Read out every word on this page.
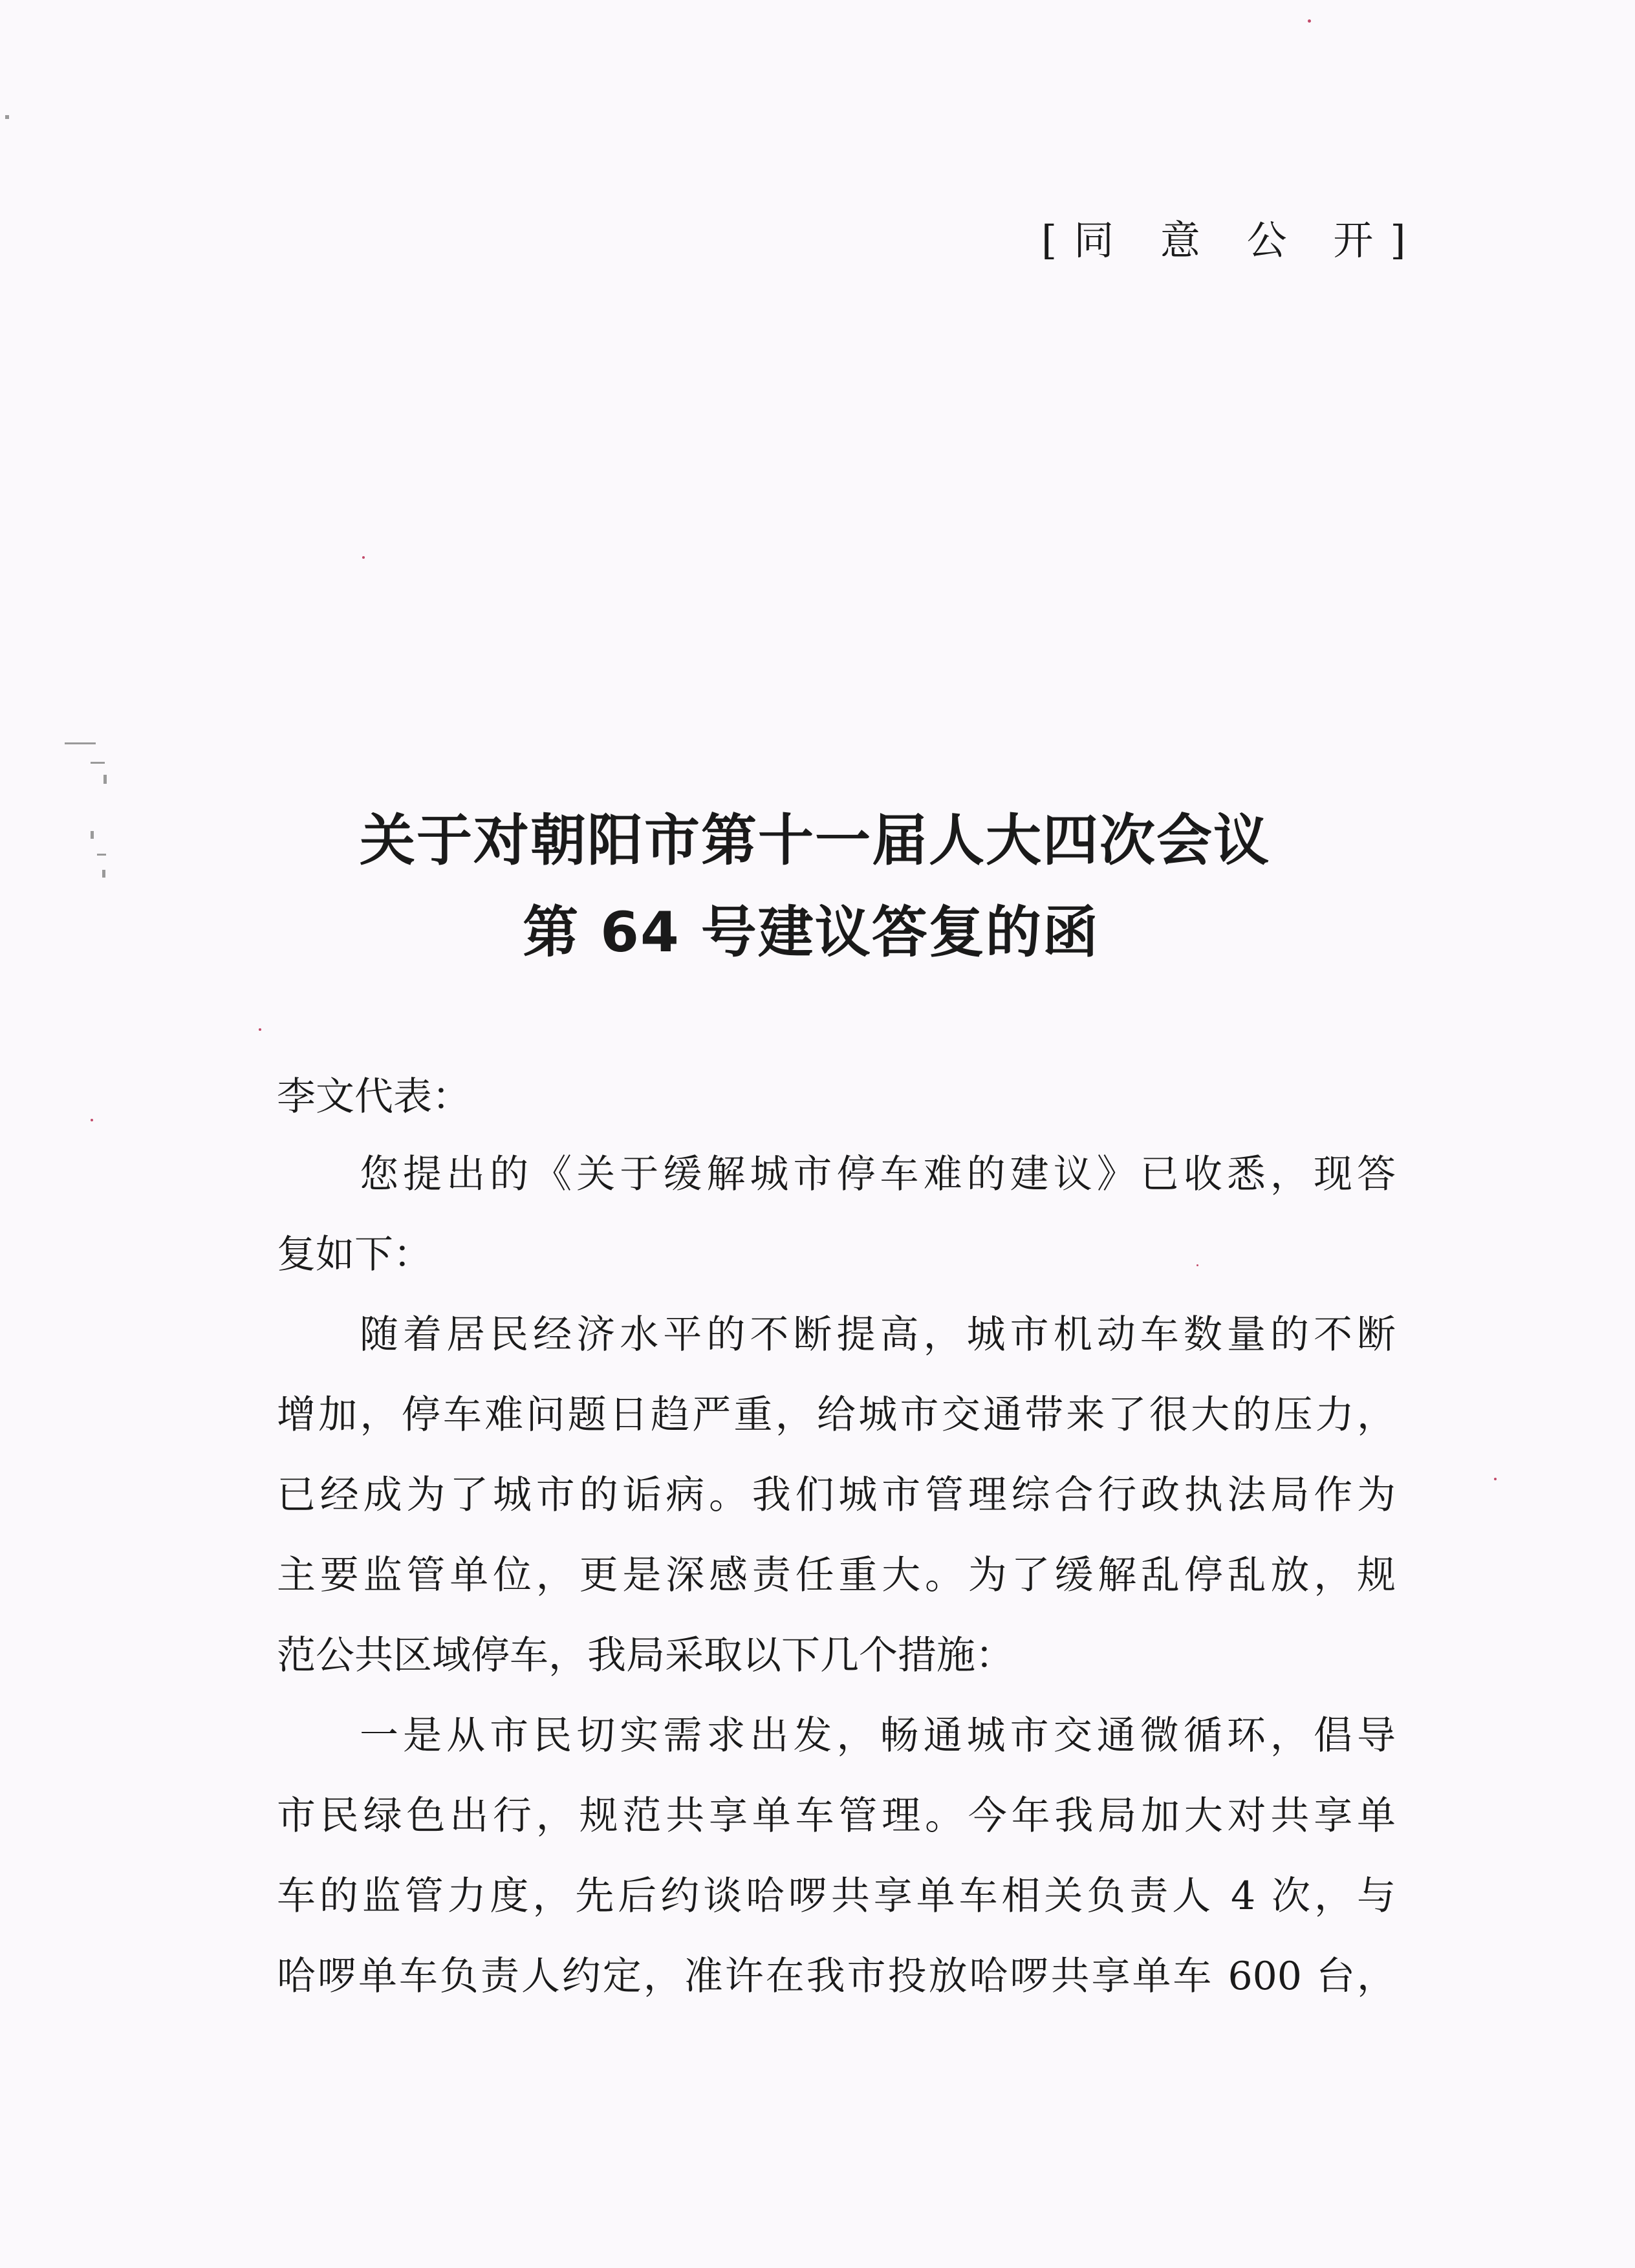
[同 意 公 开]
关于对朝阳市第十一届人大四次会议
第 64 号建议答复的函
李文代表：
您提出的《关于缓解城市停车难的建议》已收悉，现答
复如下：
随着居民经济水平的不断提高，城市机动车数量的不断
增加，停车难问题日趋严重，给城市交通带来了很大的压力，
已经成为了城市的诟病。我们城市管理综合行政执法局作为
主要监管单位，更是深感责任重大。为了缓解乱停乱放，规
范公共区域停车，我局采取以下几个措施：
一是从市民切实需求出发，畅通城市交通微循环，倡导
市民绿色出行，规范共享单车管理。今年我局加大对共享单
车的监管力度，先后约谈哈啰共享单车相关负责人 4 次，与
哈啰单车负责人约定，准许在我市投放哈啰共享单车 600 台，
